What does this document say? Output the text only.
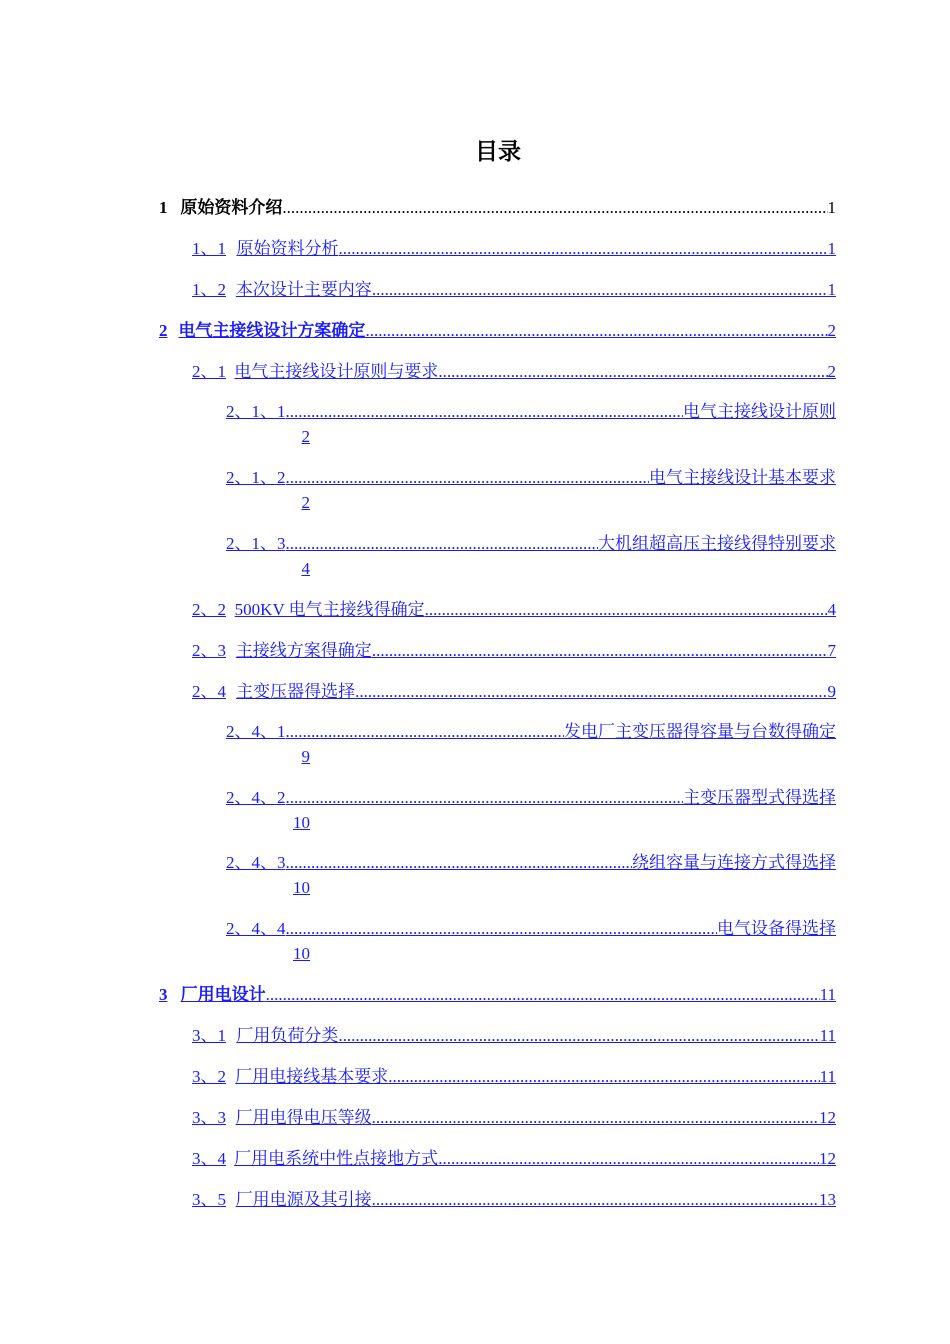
目录
1 原始资料介绍 .....	1
1、1 原始资料分析 .....	1
1、2 本次设计主要内容 .....	1
2 电气主接线设计方案确定 .....	2
2、1 电气主接线设计原则与要求 .....	2
2、1、1 .....	电气主接线设计原则
2
2、1、2 .....	电气主接线设计基本要求
2
2、1、3 .....	大机组超高压主接线得特别要求
4
2、2 500KV 电气主接线得确定 .....	4
2、3 主接线方案得确定 .....	7
2、4 主变压器得选择 .....	9
2、4、1 .....	发电厂主变压器得容量与台数得确定
9
2、4、2 .....	主变压器型式得选择
10
2、4、3 .....	绕组容量与连接方式得选择
10
2、4、4 .....	电气设备得选择
10
3 厂用电设计 .....	11
3、1 厂用负荷分类 .....	11
3、2 厂用电接线基本要求 .....	11
3、3 厂用电得电压等级 .....	12
3、4 厂用电系统中性点接地方式 .....	12
3、5 厂用电源及其引接 .....	13
